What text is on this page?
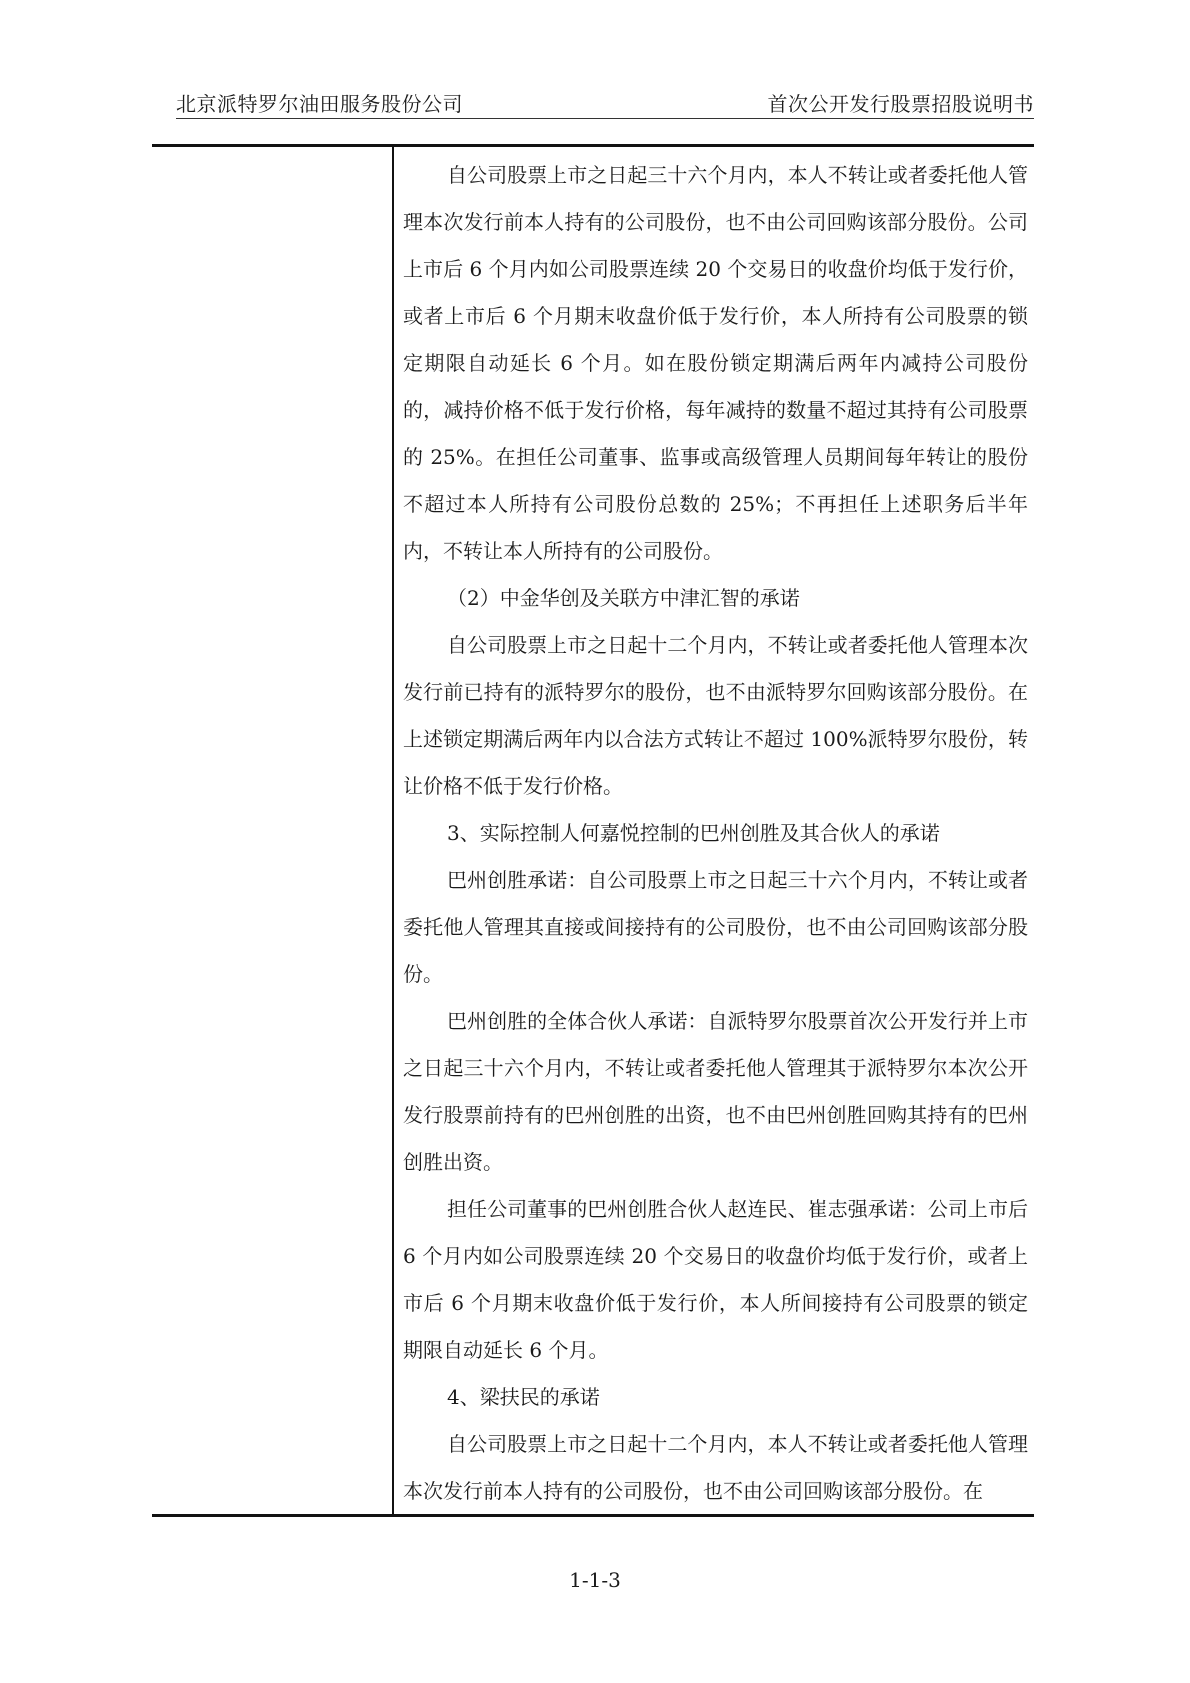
北京派特罗尔油田服务股份公司	首次公开发行股票招股说明书

自公司股票上市之日起三十六个月内，本人不转让或者委托他人管理本次发行前本人持有的公司股份，也不由公司回购该部分股份。公司上市后 6 个月内如公司股票连续 20 个交易日的收盘价均低于发行价，或者上市后 6 个月期末收盘价低于发行价，本人所持有公司股票的锁定期限自动延长 6 个月。如在股份锁定期满后两年内减持公司股份的，减持价格不低于发行价格，每年减持的数量不超过其持有公司股票的 25%。在担任公司董事、监事或高级管理人员期间每年转让的股份不超过本人所持有公司股份总数的 25%；不再担任上述职务后半年内，不转让本人所持有的公司股份。

（2）中金华创及关联方中津汇智的承诺

自公司股票上市之日起十二个月内，不转让或者委托他人管理本次发行前已持有的派特罗尔的股份，也不由派特罗尔回购该部分股份。在上述锁定期满后两年内以合法方式转让不超过 100%派特罗尔股份，转让价格不低于发行价格。

3、实际控制人何嘉悦控制的巴州创胜及其合伙人的承诺

巴州创胜承诺：自公司股票上市之日起三十六个月内，不转让或者委托他人管理其直接或间接持有的公司股份，也不由公司回购该部分股份。

巴州创胜的全体合伙人承诺：自派特罗尔股票首次公开发行并上市之日起三十六个月内，不转让或者委托他人管理其于派特罗尔本次公开发行股票前持有的巴州创胜的出资，也不由巴州创胜回购其持有的巴州创胜出资。

担任公司董事的巴州创胜合伙人赵连民、崔志强承诺：公司上市后 6 个月内如公司股票连续 20 个交易日的收盘价均低于发行价，或者上市后 6 个月期末收盘价低于发行价，本人所间接持有公司股票的锁定期限自动延长 6 个月。

4、梁扶民的承诺

自公司股票上市之日起十二个月内，本人不转让或者委托他人管理本次发行前本人持有的公司股份，也不由公司回购该部分股份。在

1-1-3
